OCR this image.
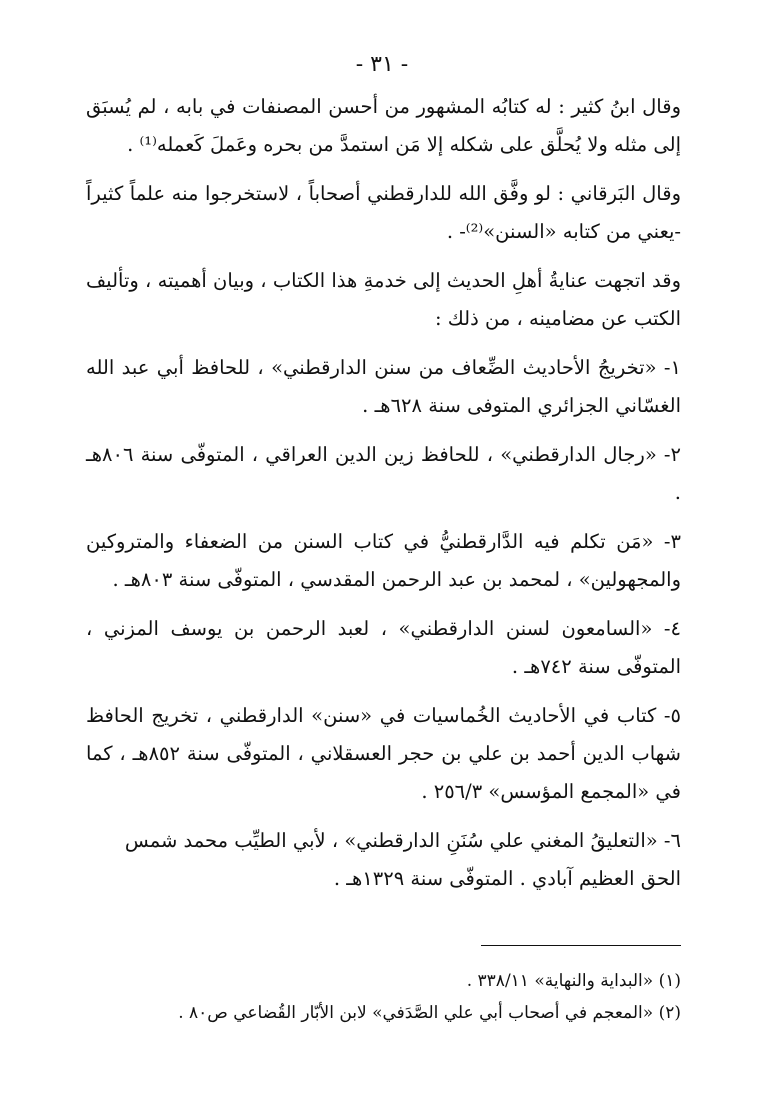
- ٣١ -

وقال ابنُ كثير : له كتابُه المشهور من أحسن المصنفات في بابه ، لم يُسبَق إلى مثله ولا يُحلَّق على شكله إلا مَن استمدَّ من بحره وعَملَ كَعمله⁽¹⁾ .

وقال البَرقاني : لو وفَّق الله للدارقطني أصحاباً ، لاستخرجوا منه علماً كثيراً -يعني من كتابه «السنن»⁽²⁾- .

وقد اتجهت عنايةُ أهلِ الحديث إلى خدمةِ هذا الكتاب ، وبيان أهميته ، وتأليف الكتب عن مضامينه ، من ذلك :

١- «تخريجُ الأحاديث الضِّعاف من سنن الدارقطني» ، للحافظ أبي عبد الله الغسّاني الجزائري المتوفى سنة ٦٢٨هـ .

٢- «رجال الدارقطني» ، للحافظ زين الدين العراقي ، المتوفّى سنة ٨٠٦هـ .

٣- «مَن تكلم فيه الدَّارقطنيُّ في كتاب السنن من الضعفاء والمتروكين والمجهولين» ، لمحمد بن عبد الرحمن المقدسي ، المتوفّى سنة ٨٠٣هـ .

٤- «السامعون لسنن الدارقطني» ، لعبد الرحمن بن يوسف المزني ، المتوفّى سنة ٧٤٢هـ .

٥- كتاب في الأحاديث الخُماسيات في «سنن» الدارقطني ، تخريج الحافظ شهاب الدين أحمد بن علي بن حجر العسقلاني ، المتوفّى سنة ٨٥٢هـ ، كما في «المجمع المؤسس» ٢٥٦/٣ .

٦- «التعليقُ المغني علي سُنَنِ الدارقطني» ، لأبي الطيِّب محمد شمس الحق العظيم آبادي . المتوفّى سنة ١٣٢٩هـ .

(١) «البداية والنهاية» ٣٣٨/١١ .

(٢) «المعجم في أصحاب أبي علي الصَّدَفي» لابن الأبّار القُضاعي ص٨٠ .
